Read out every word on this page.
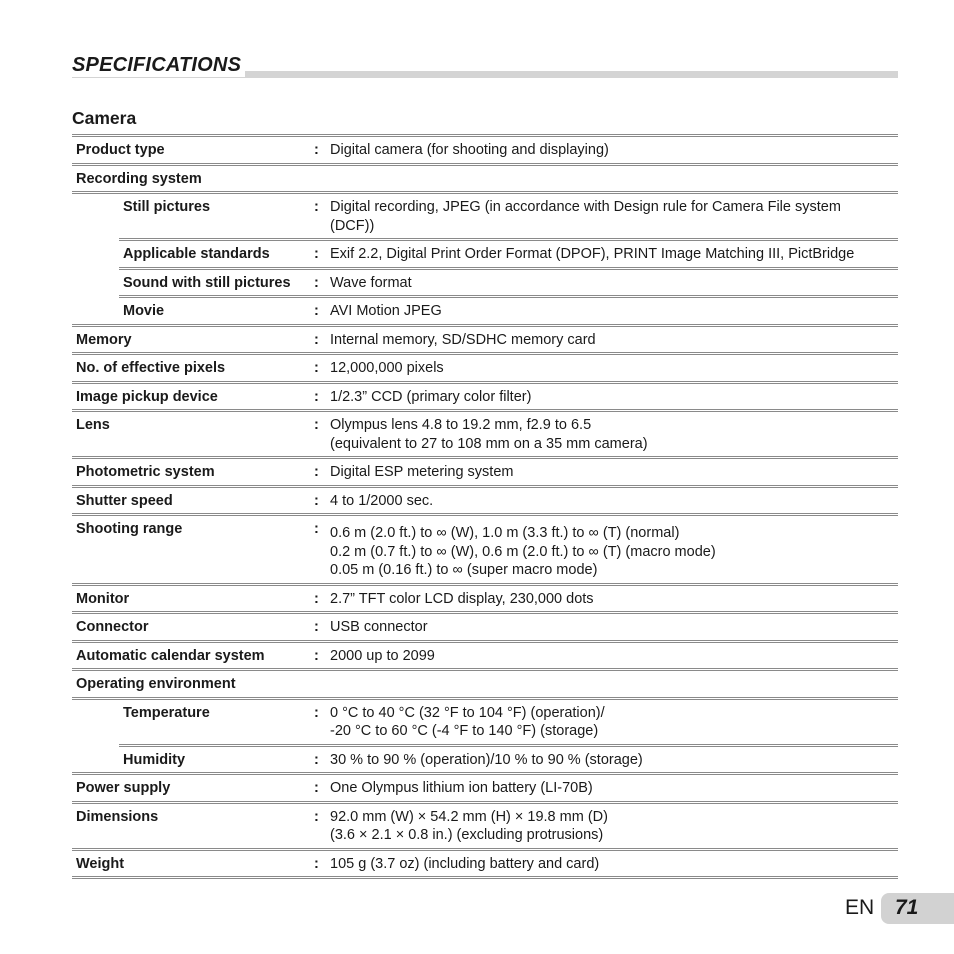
SPECIFICATIONS
Camera
Product type	: Digital camera (for shooting and displaying)
Recording system
Still pictures	: Digital recording, JPEG (in accordance with Design rule for Camera File system
(DCF))
Applicable standards	: Exif 2.2, Digital Print Order Format (DPOF), PRINT Image Matching III, PictBridge
Sound with still pictures : Wave format
Movie	: AVI Motion JPEG
Memory	: Internal memory, SD/SDHC memory card
No. of effective pixels	: 12,000,000 pixels
Image pickup device	: 1/2.3” CCD (primary color filter)
Lens	: Olympus lens 4.8 to 19.2 mm, f2.9 to 6.5
(equivalent to 27 to 108 mm on a 35 mm camera)
Photometric system	: Digital ESP metering system
Shutter speed	: 4 to 1/2000 sec.
Shooting range	: 0.6 m (2.0 ft.) to ∞ (W), 1.0 m (3.3 ft.) to ∞ (T) (normal)
0.2 m (0.7 ft.) to ∞ (W), 0.6 m (2.0 ft.) to ∞ (T) (macro mode)
0.05 m (0.16 ft.) to ∞ (super macro mode)
Monitor	: 2.7” TFT color LCD display, 230,000 dots
Connector	: USB connector
Automatic calendar system	: 2000 up to 2099
Operating environment
Temperature	: 0 °C to 40 °C (32 °F to 104 °F) (operation)/
-20 °C to 60 °C (-4 °F to 140 °F) (storage)
Humidity	: 30 % to 90 % (operation)/10 % to 90 % (storage)
Power supply	: One Olympus lithium ion battery (LI-70B)
Dimensions	: 92.0 mm (W) × 54.2 mm (H) × 19.8 mm (D)
(3.6 × 2.1 × 0.8 in.) (excluding protrusions)
Weight	: 105 g (3.7 oz) (including battery and card)
EN 71
